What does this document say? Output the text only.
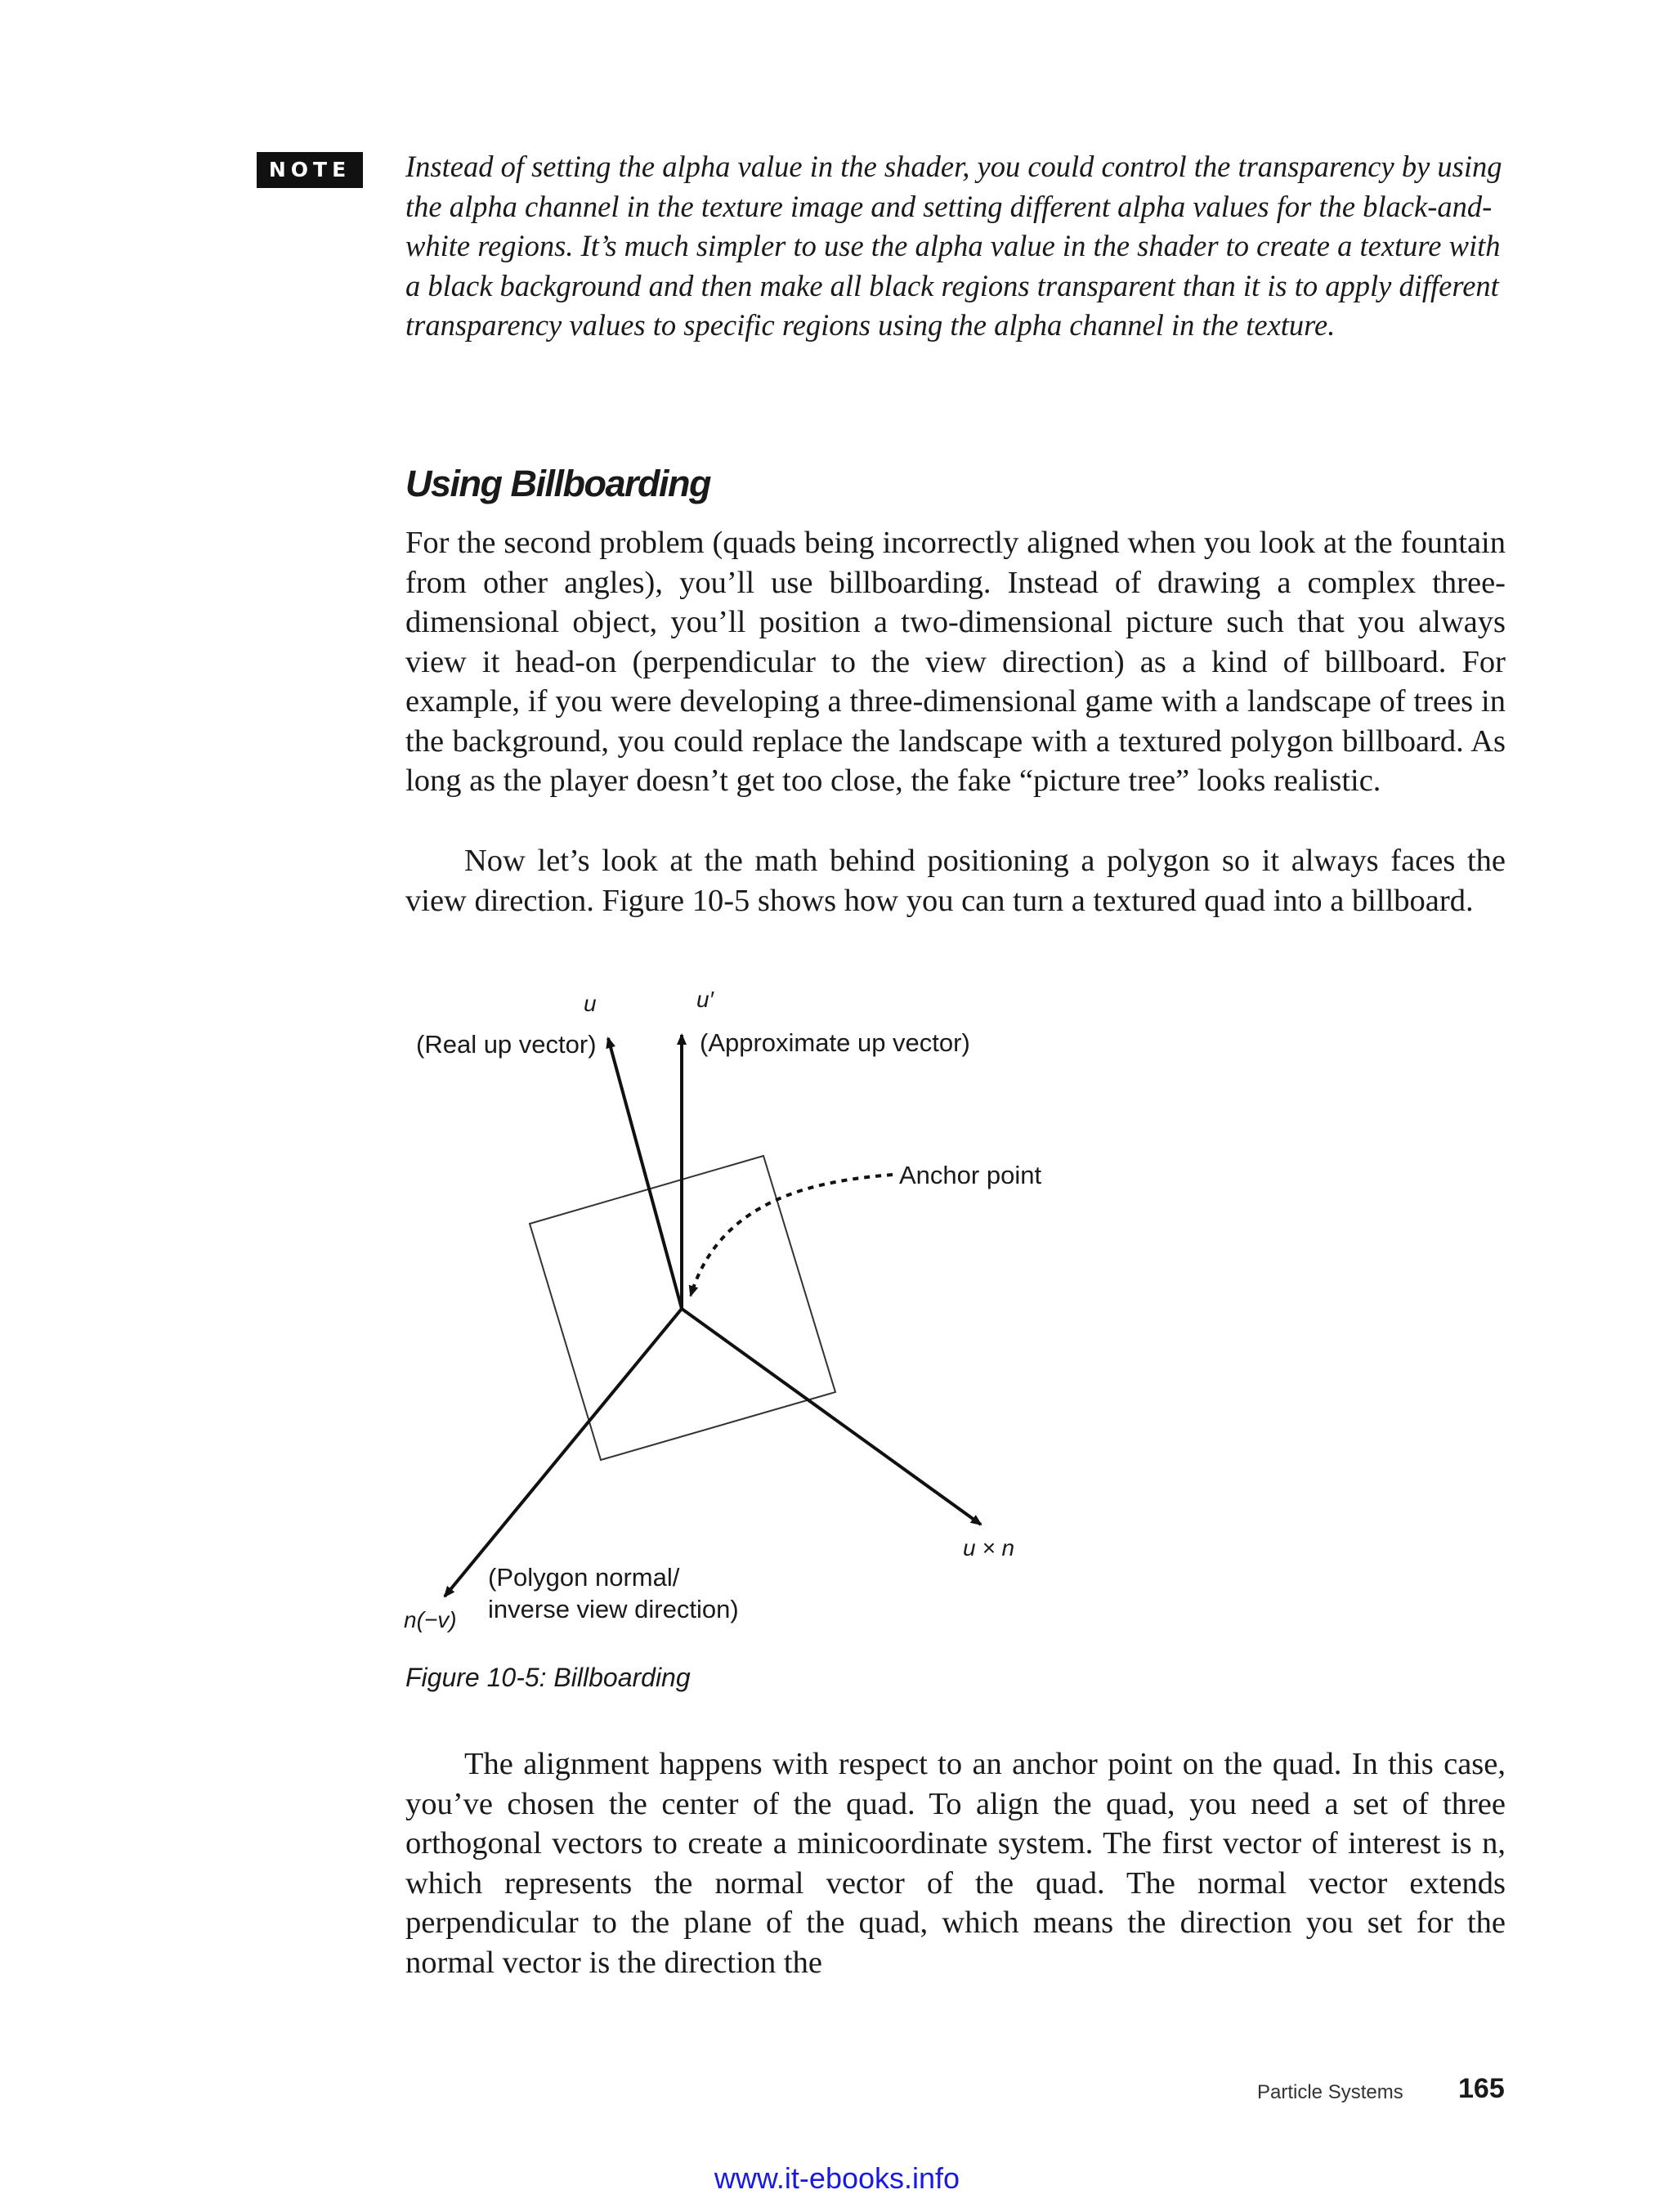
NOTE	Instead of setting the alpha value in the shader, you could control the transparency by using the alpha channel in the texture image and setting different alpha values for the black-and-white regions. It’s much simpler to use the alpha value in the shader to create a texture with a black background and then make all black regions transparent than it is to apply different transparency values to specific regions using the alpha channel in the texture.

Using Billboarding

For the second problem (quads being incorrectly aligned when you look at the fountain from other angles), you’ll use billboarding. Instead of drawing a complex three-dimensional object, you’ll position a two-dimensional picture such that you always view it head-on (perpendicular to the view direction) as a kind of billboard. For example, if you were developing a three-dimensional game with a landscape of trees in the background, you could replace the landscape with a textured polygon billboard. As long as the player doesn’t get too close, the fake “picture tree” looks realistic.

Now let’s look at the math behind positioning a polygon so it always faces the view direction. Figure 10-5 shows how you can turn a textured quad into a billboard.

u
(Real up vector)
u′
(Approximate up vector)
Anchor point
u × n
(Polygon normal/
inverse view direction)
n(−v)

Figure 10-5: Billboarding

The alignment happens with respect to an anchor point on the quad. In this case, you’ve chosen the center of the quad. To align the quad, you need a set of three orthogonal vectors to create a minicoordinate system. The first vector of interest is n, which represents the normal vector of the quad. The normal vector extends perpendicular to the plane of the quad, which means the direction you set for the normal vector is the direction the

Particle Systems 165
www.it-ebooks.info
